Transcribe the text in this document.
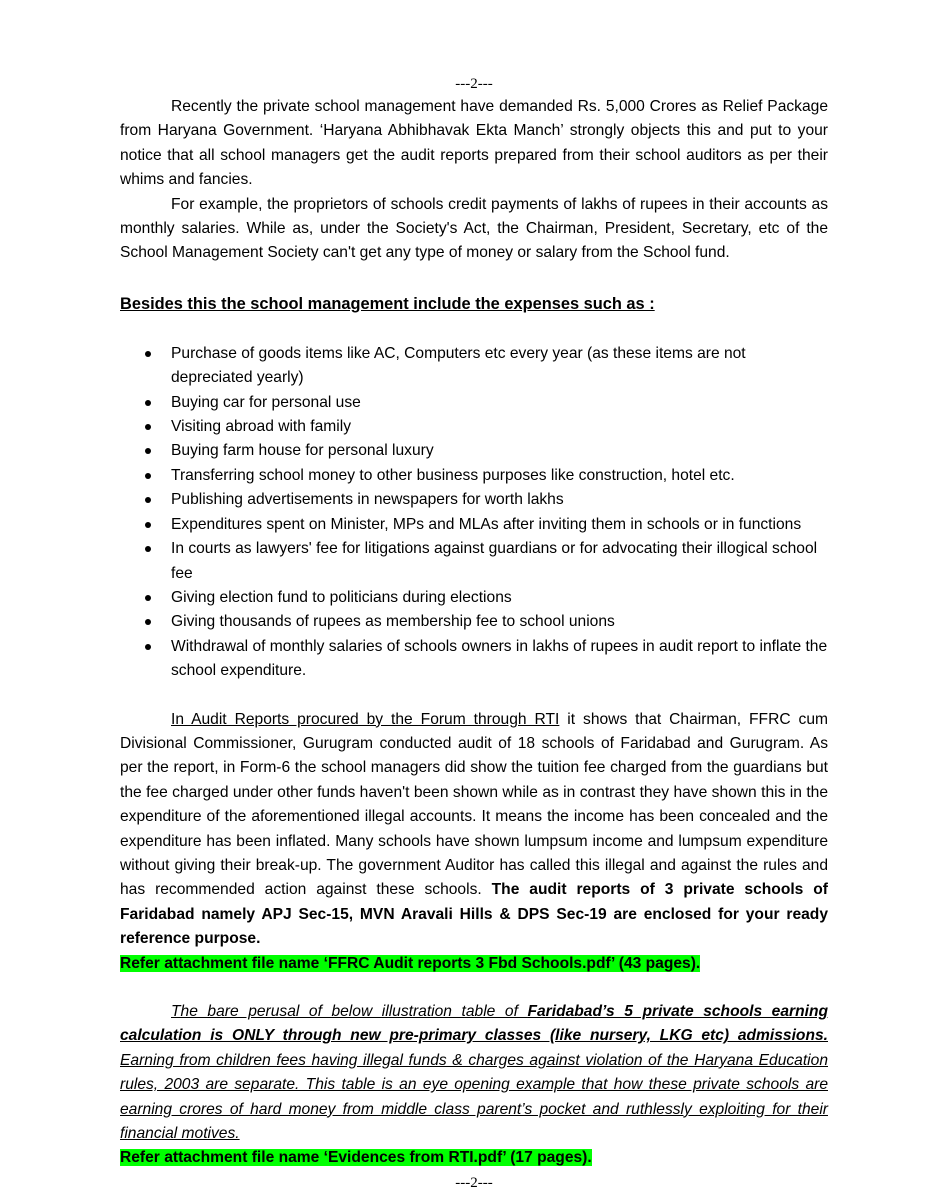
---2---

Recently the private school management have demanded Rs. 5,000 Crores as Relief Package from Haryana Government. ‘Haryana Abhibhavak Ekta Manch’ strongly objects this and put to your notice that all school managers get the audit reports prepared from their school auditors as per their whims and fancies.

For example, the proprietors of schools credit payments of lakhs of rupees in their accounts as monthly salaries. While as, under the Society's Act, the Chairman, President, Secretary, etc of the School Management Society can't get any type of money or salary from the School fund.

Besides this the school management include the expenses such as :
Purchase of goods items like AC, Computers etc every year (as these items are not depreciated yearly)
Buying car for personal use
Visiting abroad with family
Buying farm house for personal luxury
Transferring school money to other business purposes like construction, hotel etc.
Publishing advertisements in newspapers for worth lakhs
Expenditures spent on Minister, MPs and MLAs after inviting them in schools or in functions
In courts as lawyers' fee for litigations against guardians or for advocating their illogical school fee
Giving election fund to politicians during elections
Giving thousands of rupees as membership fee to school unions
Withdrawal of monthly salaries of schools owners in lakhs of rupees in audit report to inflate the school expenditure.

In Audit Reports procured by the Forum through RTI it shows that Chairman, FFRC cum Divisional Commissioner, Gurugram conducted audit of 18 schools of Faridabad and Gurugram. As per the report, in Form-6 the school managers did show the tuition fee charged from the guardians but the fee charged under other funds haven't been shown while as in contrast they have shown this in the expenditure of the aforementioned illegal accounts. It means the income has been concealed and the expenditure has been inflated. Many schools have shown lumpsum income and lumpsum expenditure without giving their break-up. The government Auditor has called this illegal and against the rules and has recommended action against these schools. The audit reports of 3 private schools of Faridabad namely APJ Sec-15, MVN Aravali Hills & DPS Sec-19 are enclosed for your ready reference purpose.

Refer attachment file name ‘FFRC Audit reports 3 Fbd Schools.pdf’ (43 pages).

The bare perusal of below illustration table of Faridabad’s 5 private schools earning calculation is ONLY through new pre-primary classes (like nursery, LKG etc) admissions. Earning from children fees having illegal funds & charges against violation of the Haryana Education rules, 2003 are separate. This table is an eye opening example that how these private schools are earning crores of hard money from middle class parent’s pocket and ruthlessly exploiting for their financial motives.

Refer attachment file name ‘Evidences from RTI.pdf’ (17 pages).

---2---
